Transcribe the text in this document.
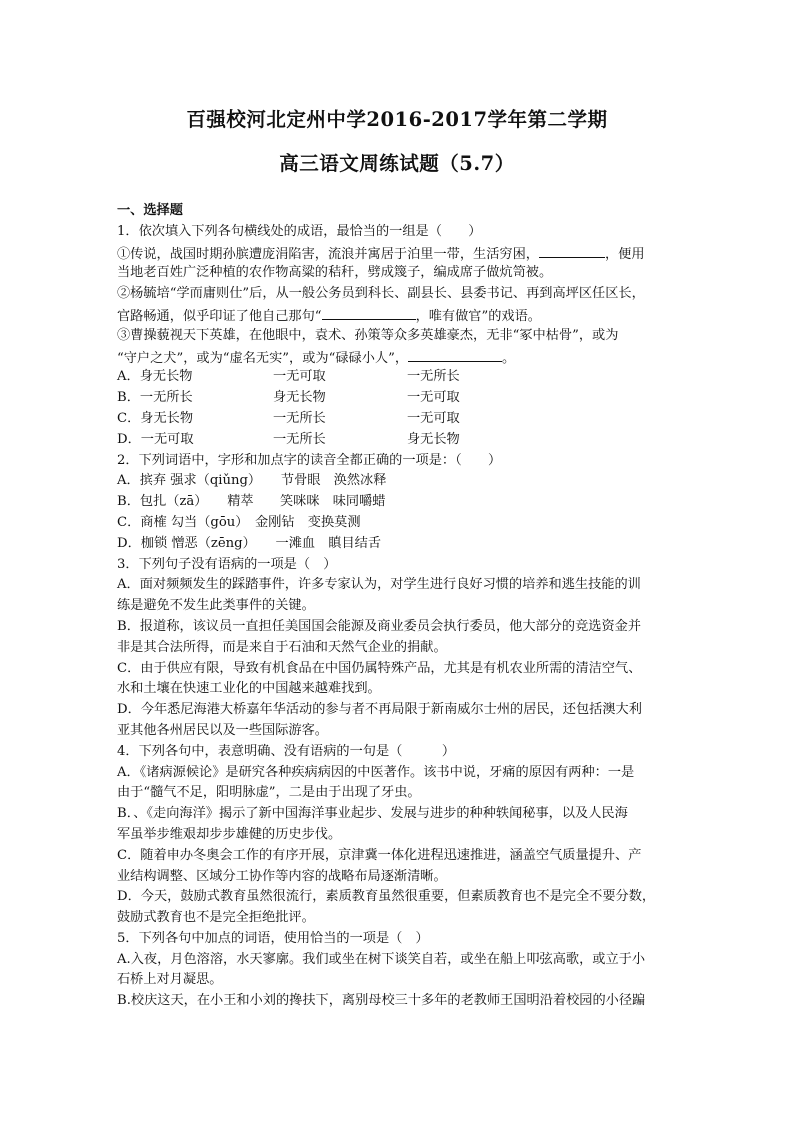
百强校河北定州中学2016-2017学年第二学期
高三语文周练试题（5.7）
一、选择题
1．依次填入下列各句横线处的成语，最恰当的一组是（　　）
①传说，战国时期孙膑遭庞涓陷害，流浪并寓居于泊里一带，生活穷困，	，便用
当地老百姓广泛种植的农作物高粱的秸秆，劈成篾子，编成席子做炕笥被。
②杨毓培“学而庸则仕”后，从一般公务员到科长、副县长、县委书记、再到高坪区任区长，
官路畅通，似乎印证了他自己那句“	，唯有做官”的戏语。
③曹操藐视天下英雄，在他眼中，袁术、孙策等众多英雄豪杰，无非“冢中枯骨”，或为
“守户之犬”，或为“虚名无实”，或为“碌碌小人”，	。
A．身无长物	一无可取	一无所长
B．一无所长	身无长物	一无可取
C．身无长物	一无所长	一无可取
D．一无可取	一无所长	身无长物
2．下列词语中，字形和加点字的读音全都正确的一项是：（　　）
A．摈弃 强求（qiǔng）　　节骨眼　涣然冰释
B．包扎（zā）　　精萃　　笑咪咪　味同嚼蜡
C．商榷 勾当（gōu）　金刚钻　变换莫测
D．枷锁 憎恶（zēng）　　一滩血　瞋目结舌
3．下列句子没有语病的一项是（　）
A．面对频频发生的踩踏事件，许多专家认为，对学生进行良好习惯的培养和逃生技能的训
练是避免不发生此类事件的关键。
B．报道称，该议员一直担任美国国会能源及商业委员会执行委员，他大部分的竞选资金并
非是其合法所得，而是来自于石油和天然气企业的捐献。
C．由于供应有限，导致有机食品在中国仍属特殊产品，尤其是有机农业所需的清洁空气、
水和土壤在快速工业化的中国越来越难找到。
D．今年悉尼海港大桥嘉年华活动的参与者不再局限于新南威尔士州的居民，还包括澳大利
亚其他各州居民以及一些国际游客。
4．下列各句中，表意明确、没有语病的一句是（　　　）
A．《诸病源候论》是研究各种疾病病因的中医著作。该书中说，牙痛的原因有两种：一是
由于“髓气不足，阳明脉虚”，二是由于出现了牙虫。
B．、《走向海洋》揭示了新中国海洋事业起步、发展与进步的种种轶闻秘事，以及人民海
军虽举步维艰却步步雄健的历史步伐。
C．随着申办冬奥会工作的有序开展，京津冀一体化进程迅速推进，涵盖空气质量提升、产
业结构调整、区域分工协作等内容的战略布局逐渐清晰。
D．今天，鼓励式教育虽然很流行，素质教育虽然很重要，但素质教育也不是完全不要分数，
鼓励式教育也不是完全拒绝批评。
5．下列各句中加点的词语，使用恰当的一项是（　）
A.入夜，月色溶溶，水天寥廓。我们或坐在树下谈笑自若，或坐在船上叩弦高歌，或立于小
石桥上对月凝思。
B.校庆这天，在小王和小刘的搀扶下，离别母校三十多年的老教师王国明沿着校园的小径蹁
